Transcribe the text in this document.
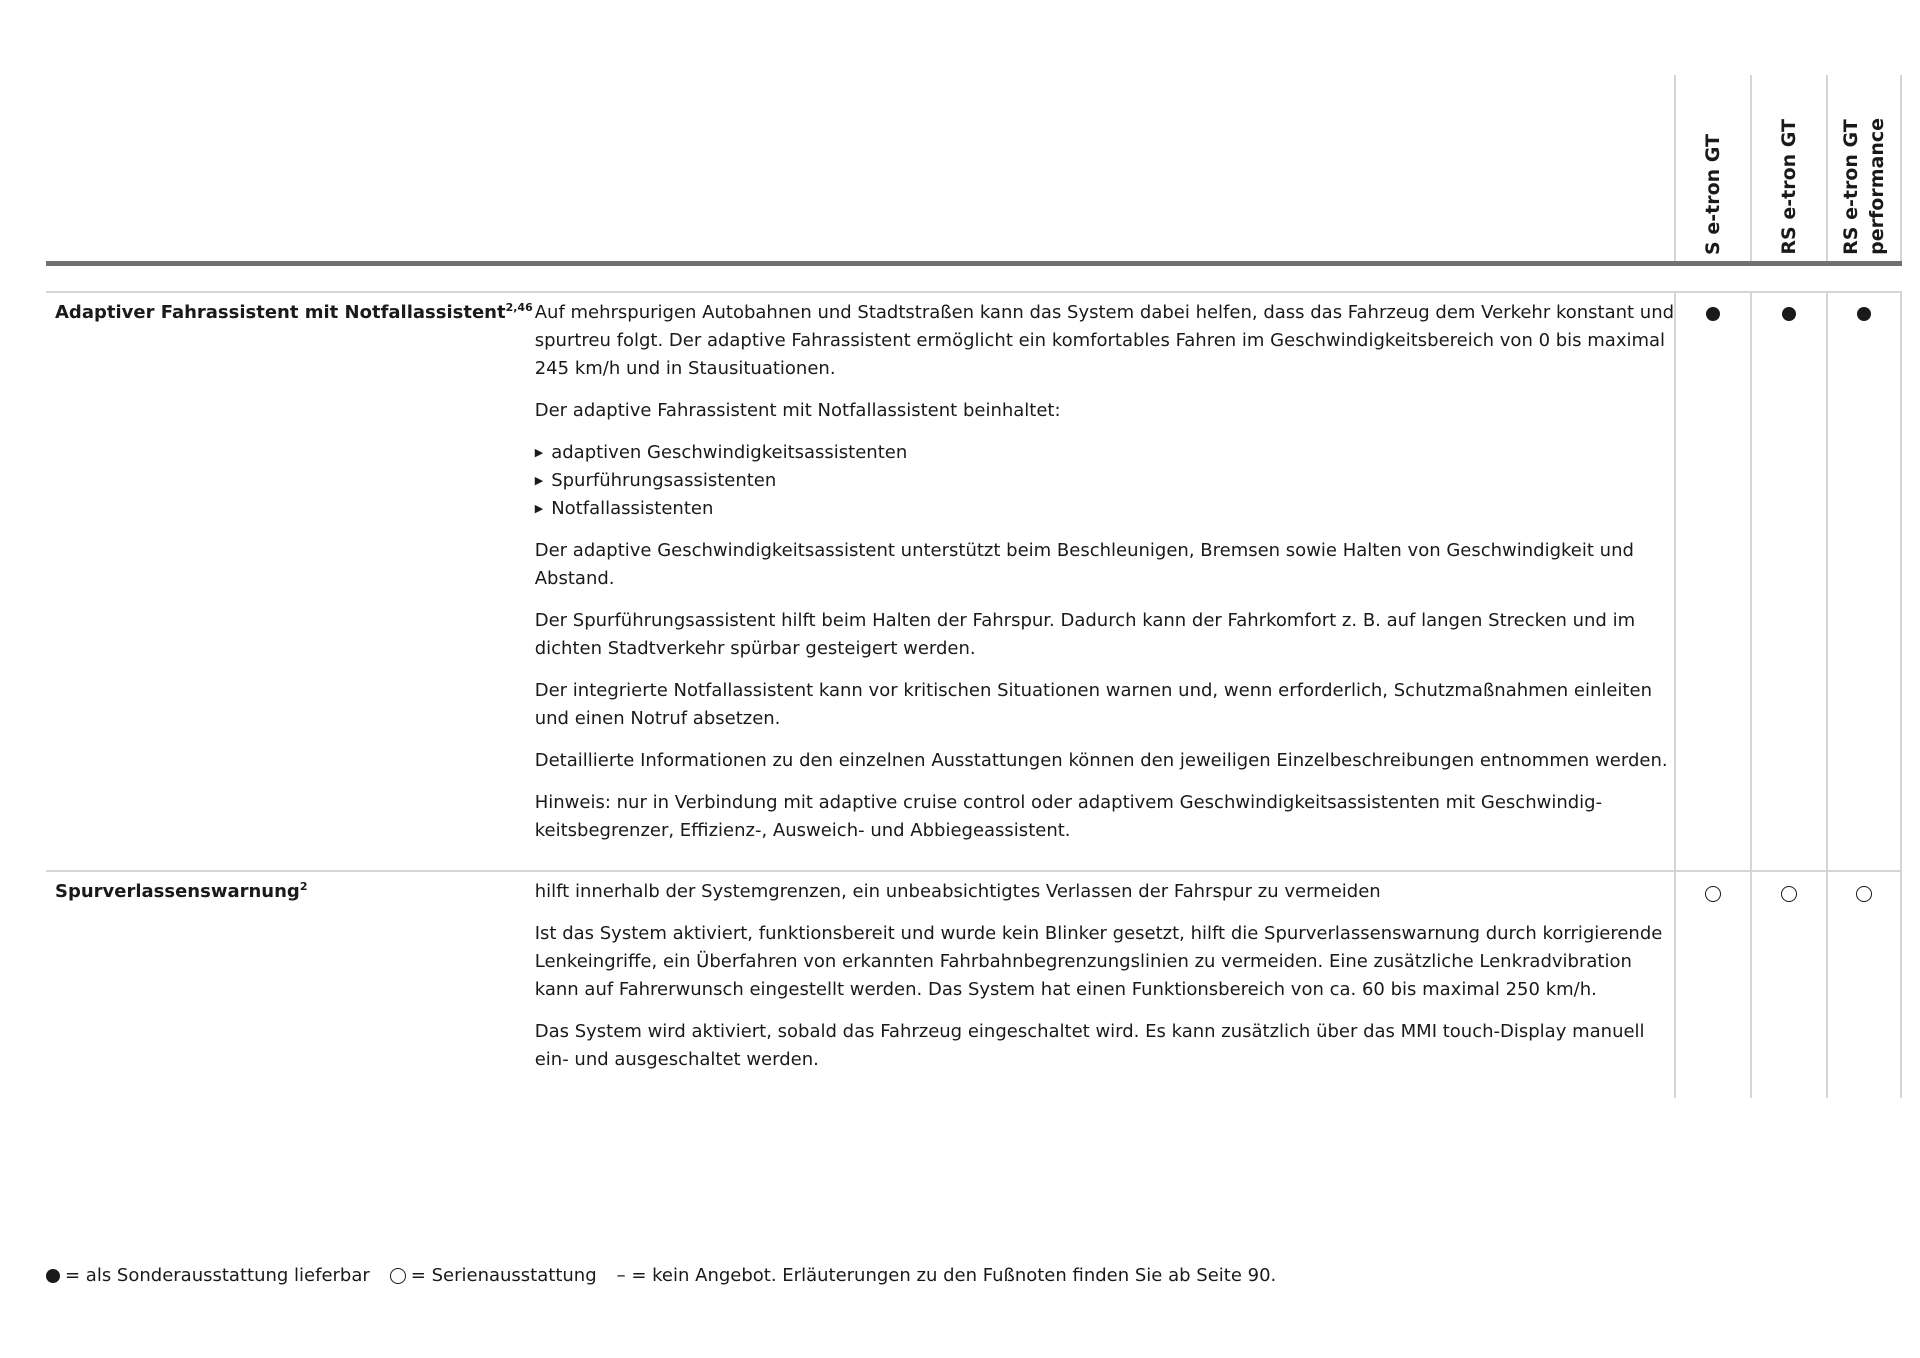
S e-tron GT	RS e-tron GT RS e-tron GT performance
Adaptiver Fahrassistent mit Notfallassistent$^{2,46}$ Auf mehrspurigen Autobahnen und Stadtstraßen kann das System dabei helfen, dass das Fahrzeug dem Verkehr konstant und spurtreu folgt. Der adaptive Fahrassistent ermöglicht ein komfortables Fahren im Geschwindigkeitsbereich von 0 bis maximal 245 km/h und in Stausituationen.

Der adaptive Fahrassistent mit Notfallassistent beinhaltet:

▶ adaptiven Geschwindigkeitsassistenten
▶ Spurführungsassistenten
▶ Notfallassistenten

Der adaptive Geschwindigkeitsassistent unterstützt beim Beschleunigen, Bremsen sowie Halten von Geschwindigkeit und Abstand.

Der Spurführungsassistent hilft beim Halten der Fahrspur. Dadurch kann der Fahrkomfort z. B. auf langen Strecken und im dichten Stadtverkehr spürbar gesteigert werden.

Der integrierte Notfallassistent kann vor kritischen Situationen warnen und, wenn erforderlich, Schutzmaßnahmen einleiten und einen Notruf absetzen.

Detaillierte Informationen zu den einzelnen Ausstattungen können den jeweiligen Einzelbeschreibungen entnommen werden.

Hinweis: nur in Verbindung mit adaptive cruise control oder adaptivem Geschwindigkeitsassistenten mit Geschwindigkeitsbegrenzer, Effizienz-, Ausweich- und Abbiegeassistent.

Spurverlassenswarnung$^2$	hilft innerhalb der Systemgrenzen, ein unbeabsichtigtes Verlassen der Fahrspur zu vermeiden

Ist das System aktiviert, funktionsbereit und wurde kein Blinker gesetzt, hilft die Spurverlassenswarnung durch korrigierende Lenkeingriffe, ein Überfahren von erkannten Fahrbahnbegrenzungslinien zu vermeiden. Eine zusätzliche Lenkradvibration kann auf Fahrerwunsch eingestellt werden. Das System hat einen Funktionsbereich von ca. 60 bis maximal 250 km/h.

Das System wird aktiviert, sobald das Fahrzeug eingeschaltet wird. Es kann zusätzlich über das MMI touch-Display manuell ein- und ausgeschaltet werden.

= als Sonderausstattung lieferbar = Serienausstattung – = kein Angebot. Erläuterungen zu den Fußnoten finden Sie ab Seite 90.
